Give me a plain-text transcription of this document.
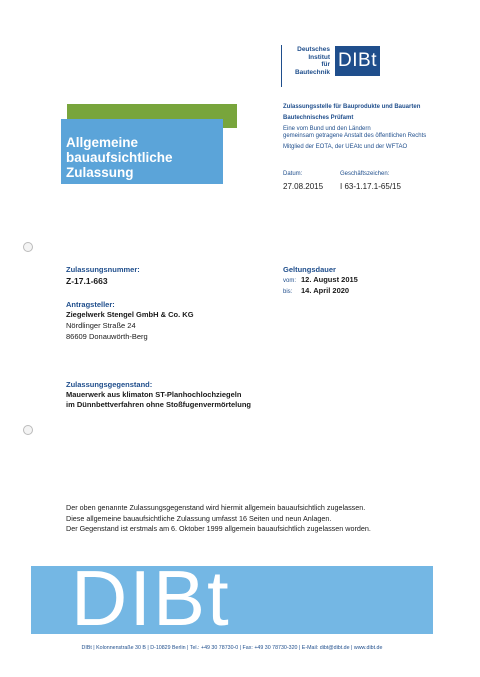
Deutsches
Institut
für
Bautechnik
DIBt
Allgemeine
bauaufsichtliche
Zulassung
Zulassungsstelle für Bauprodukte und Bauarten
Bautechnisches Prüfamt
Eine vom Bund und den Ländern
gemeinsam getragene Anstalt des öffentlichen Rechts
Mitglied der EOTA, der UEAtc und der WFTAO
Datum:
27.08.2015
Geschäftszeichen:
I 63-1.17.1-65/15
Zulassungsnummer:
Z-17.1-663
Geltungsdauer
vom: 12. August 2015
bis: 14. April 2020
Antragsteller:
Ziegelwerk Stengel GmbH & Co. KG
Nördlinger Straße 24
86609 Donauwörth-Berg
Zulassungsgegenstand:
Mauerwerk aus klimaton ST-Planhochlochziegeln
im Dünnbettverfahren ohne Stoßfugenvermörtelung
Der oben genannte Zulassungsgegenstand wird hiermit allgemein bauaufsichtlich zugelassen.
Diese allgemeine bauaufsichtliche Zulassung umfasst 16 Seiten und neun Anlagen.
Der Gegenstand ist erstmals am 6. Oktober 1999 allgemein bauaufsichtlich zugelassen worden.
DIBt
DIBt | Kolonnenstraße 30 B | D-10829 Berlin | Tel.: +49 30 78730-0 | Fax: +49 30 78730-320 | E-Mail: dibt@dibt.de | www.dibt.de
